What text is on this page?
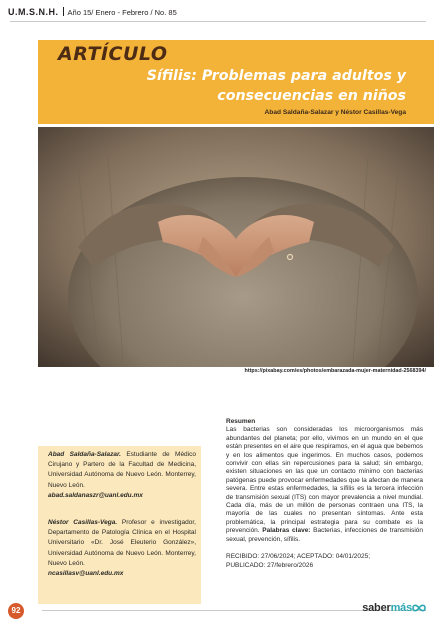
U.M.S.N.H. Año 15/ Enero - Febrero / No. 85
ARTÍCULO
Sífilis: Problemas para adultos y consecuencias en niños
Abad Saldaña-Salazar y Néstor Casillas-Vega
https://pixabay.com/es/photos/embarazada-mujer-maternidad-2568394/
Abad Saldaña-Salazar. Estudiante de Médico Cirujano y Partero de la Facultad de Medicina, Universidad Autónoma de Nuevo León. Monterrey, Nuevo León.
abad.saldanaszr@uanl.edu.mx
Néstor Casillas-Vega. Profesor e investigador, Departamento de Patología Clínica en el Hospital Universitario «Dr. José Eleuterio González», Universidad Autónoma de Nuevo León. Monterrey, Nuevo León.
ncasillasv@uanl.edu.mx
Resumen
Las bacterias son consideradas los microorganismos más abundantes del planeta; por ello, vivimos en un mundo en el que están presentes en el aire que respiramos, en el agua que bebemos y en los alimentos que ingerimos. En muchos casos, podemos convivir con ellas sin repercusiones para la salud; sin embargo, existen situaciones en las que un contacto mínimo con bacterias patógenas puede provocar enfermedades que la afectan de manera severa. Entre estas enfermedades, la sífilis es la tercera infección de transmisión sexual (ITS) con mayor prevalencia a nivel mundial. Cada día, más de un millón de personas contraen una ITS, la mayoría de las cuales no presentan síntomas. Ante esta problemática, la principal estrategia para su combate es la prevención. Palabras clave: Bacterias, infecciones de transmisión sexual, prevención, sífilis.
RECIBIDO: 27/06/2024; ACEPTADO: 04/01/2025;
PUBLICADO: 27/febrero/2026
92	sabermás
